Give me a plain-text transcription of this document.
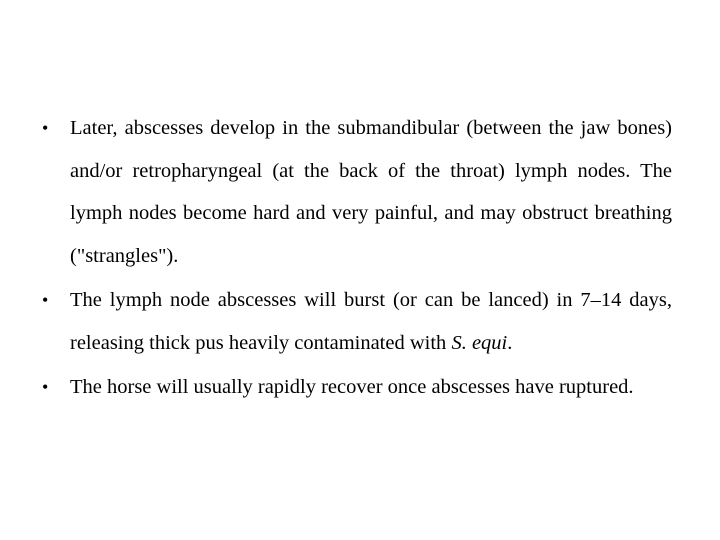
• Later, abscesses develop in the submandibular (between the jaw bones) and/or retropharyngeal (at the back of the throat) lymph nodes. The lymph nodes become hard and very painful, and may obstruct breathing ("strangles").
• The lymph node abscesses will burst (or can be lanced) in 7–14 days, releasing thick pus heavily contaminated with S. equi.
• The horse will usually rapidly recover once abscesses have ruptured.
